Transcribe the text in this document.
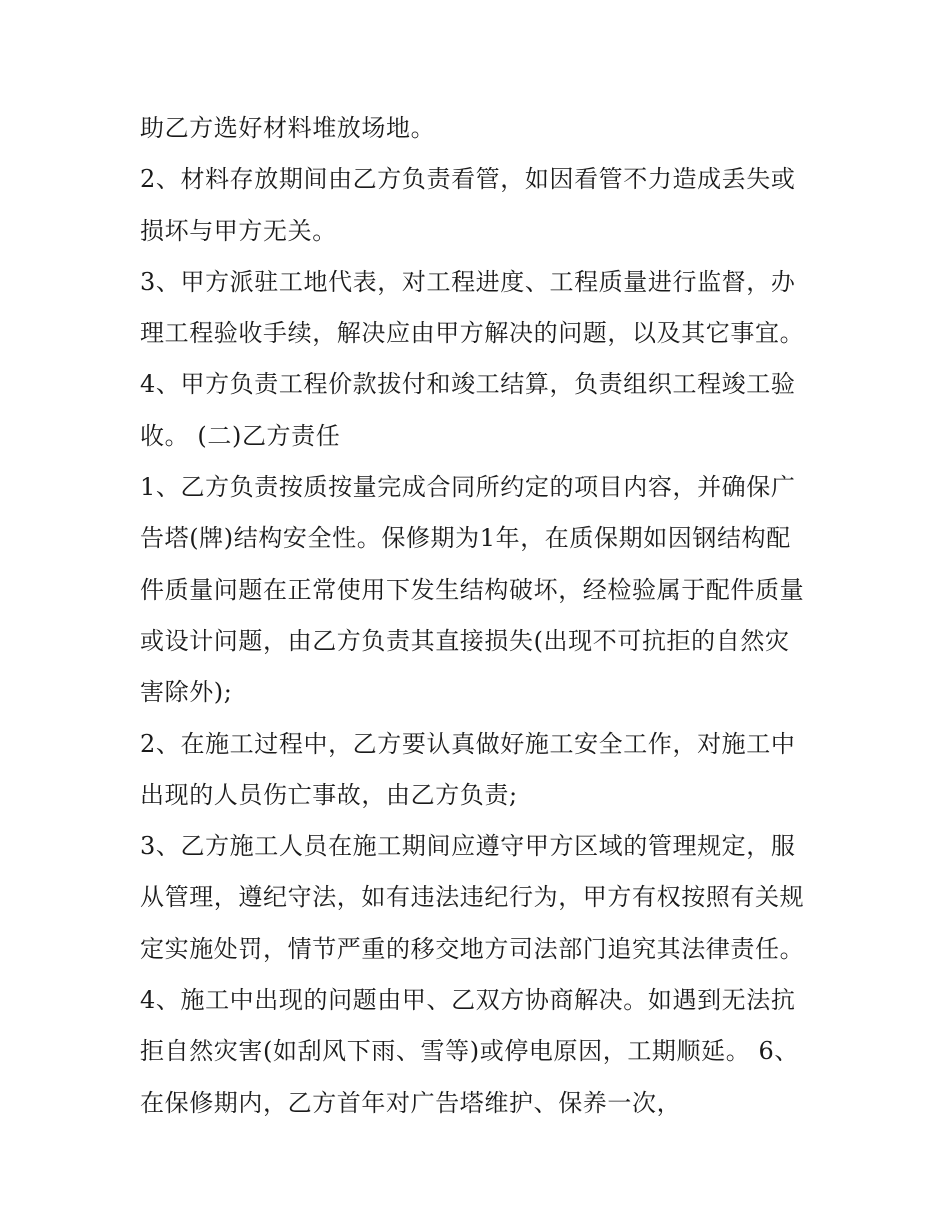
助乙方选好材料堆放场地。
2、材料存放期间由乙方负责看管，如因看管不力造成丢失或
损坏与甲方无关。
3、甲方派驻工地代表，对工程进度、工程质量进行监督，办
理工程验收手续，解决应由甲方解决的问题，以及其它事宜。
4、甲方负责工程价款拔付和竣工结算，负责组织工程竣工验
收。 (二)乙方责任
1、乙方负责按质按量完成合同所约定的项目内容，并确保广
告塔(牌)结构安全性。保修期为1年，在质保期如因钢结构配
件质量问题在正常使用下发生结构破坏，经检验属于配件质量
或设计问题，由乙方负责其直接损失(出现不可抗拒的自然灾
害除外);
2、在施工过程中，乙方要认真做好施工安全工作，对施工中
出现的人员伤亡事故，由乙方负责;
3、乙方施工人员在施工期间应遵守甲方区域的管理规定，服
从管理，遵纪守法，如有违法违纪行为，甲方有权按照有关规
定实施处罚，情节严重的移交地方司法部门追究其法律责任。
4、施工中出现的问题由甲、乙双方协商解决。如遇到无法抗
拒自然灾害(如刮风下雨、雪等)或停电原因，工期顺延。 6、
在保修期内，乙方首年对广告塔维护、保养一次，
